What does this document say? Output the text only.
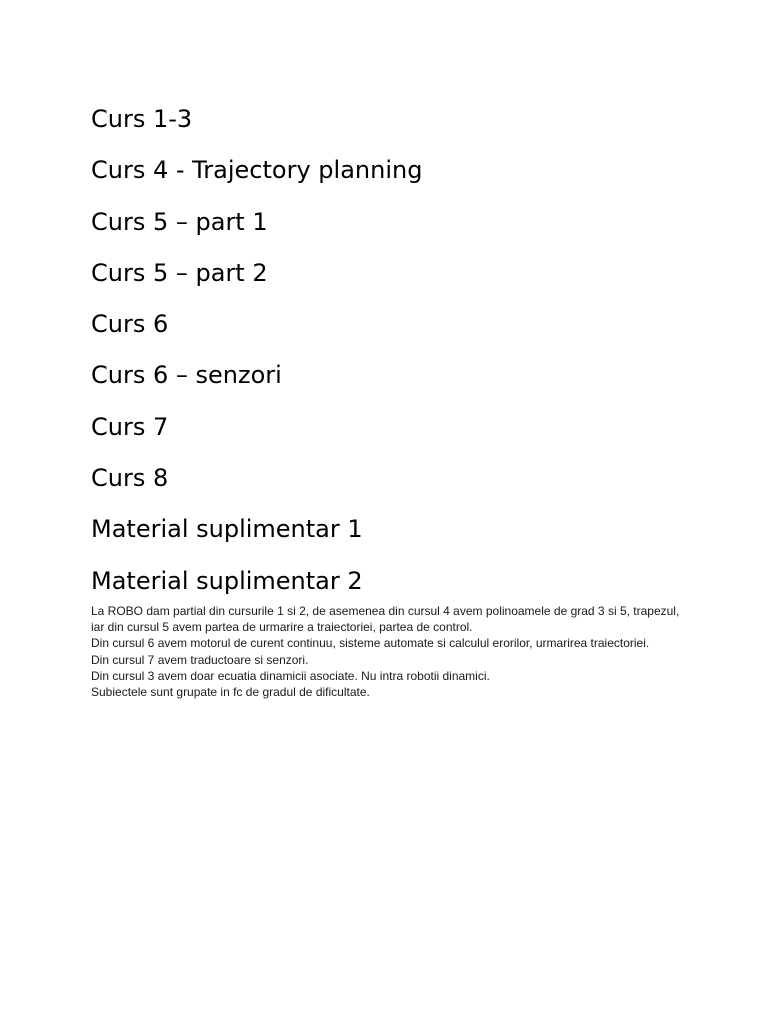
Curs 1-3
Curs 4 - Trajectory planning
Curs 5 – part 1
Curs 5 – part 2
Curs 6
Curs 6 – senzori
Curs 7
Curs 8
Material suplimentar 1
Material suplimentar 2

La ROBO dam partial din cursurile 1 si 2, de asemenea din cursul 4 avem polinoamele de grad 3 si 5, trapezul, iar din cursul 5 avem partea de urmarire a traiectoriei, partea de control.

Din cursul 6 avem motorul de curent continuu, sisteme automate si calculul erorilor, urmarirea traiectoriei.

Din cursul 7 avem traductoare si senzori.

Din cursul 3 avem doar ecuatia dinamicii asociate. Nu intra robotii dinamici.

Subiectele sunt grupate in fc de gradul de dificultate.
